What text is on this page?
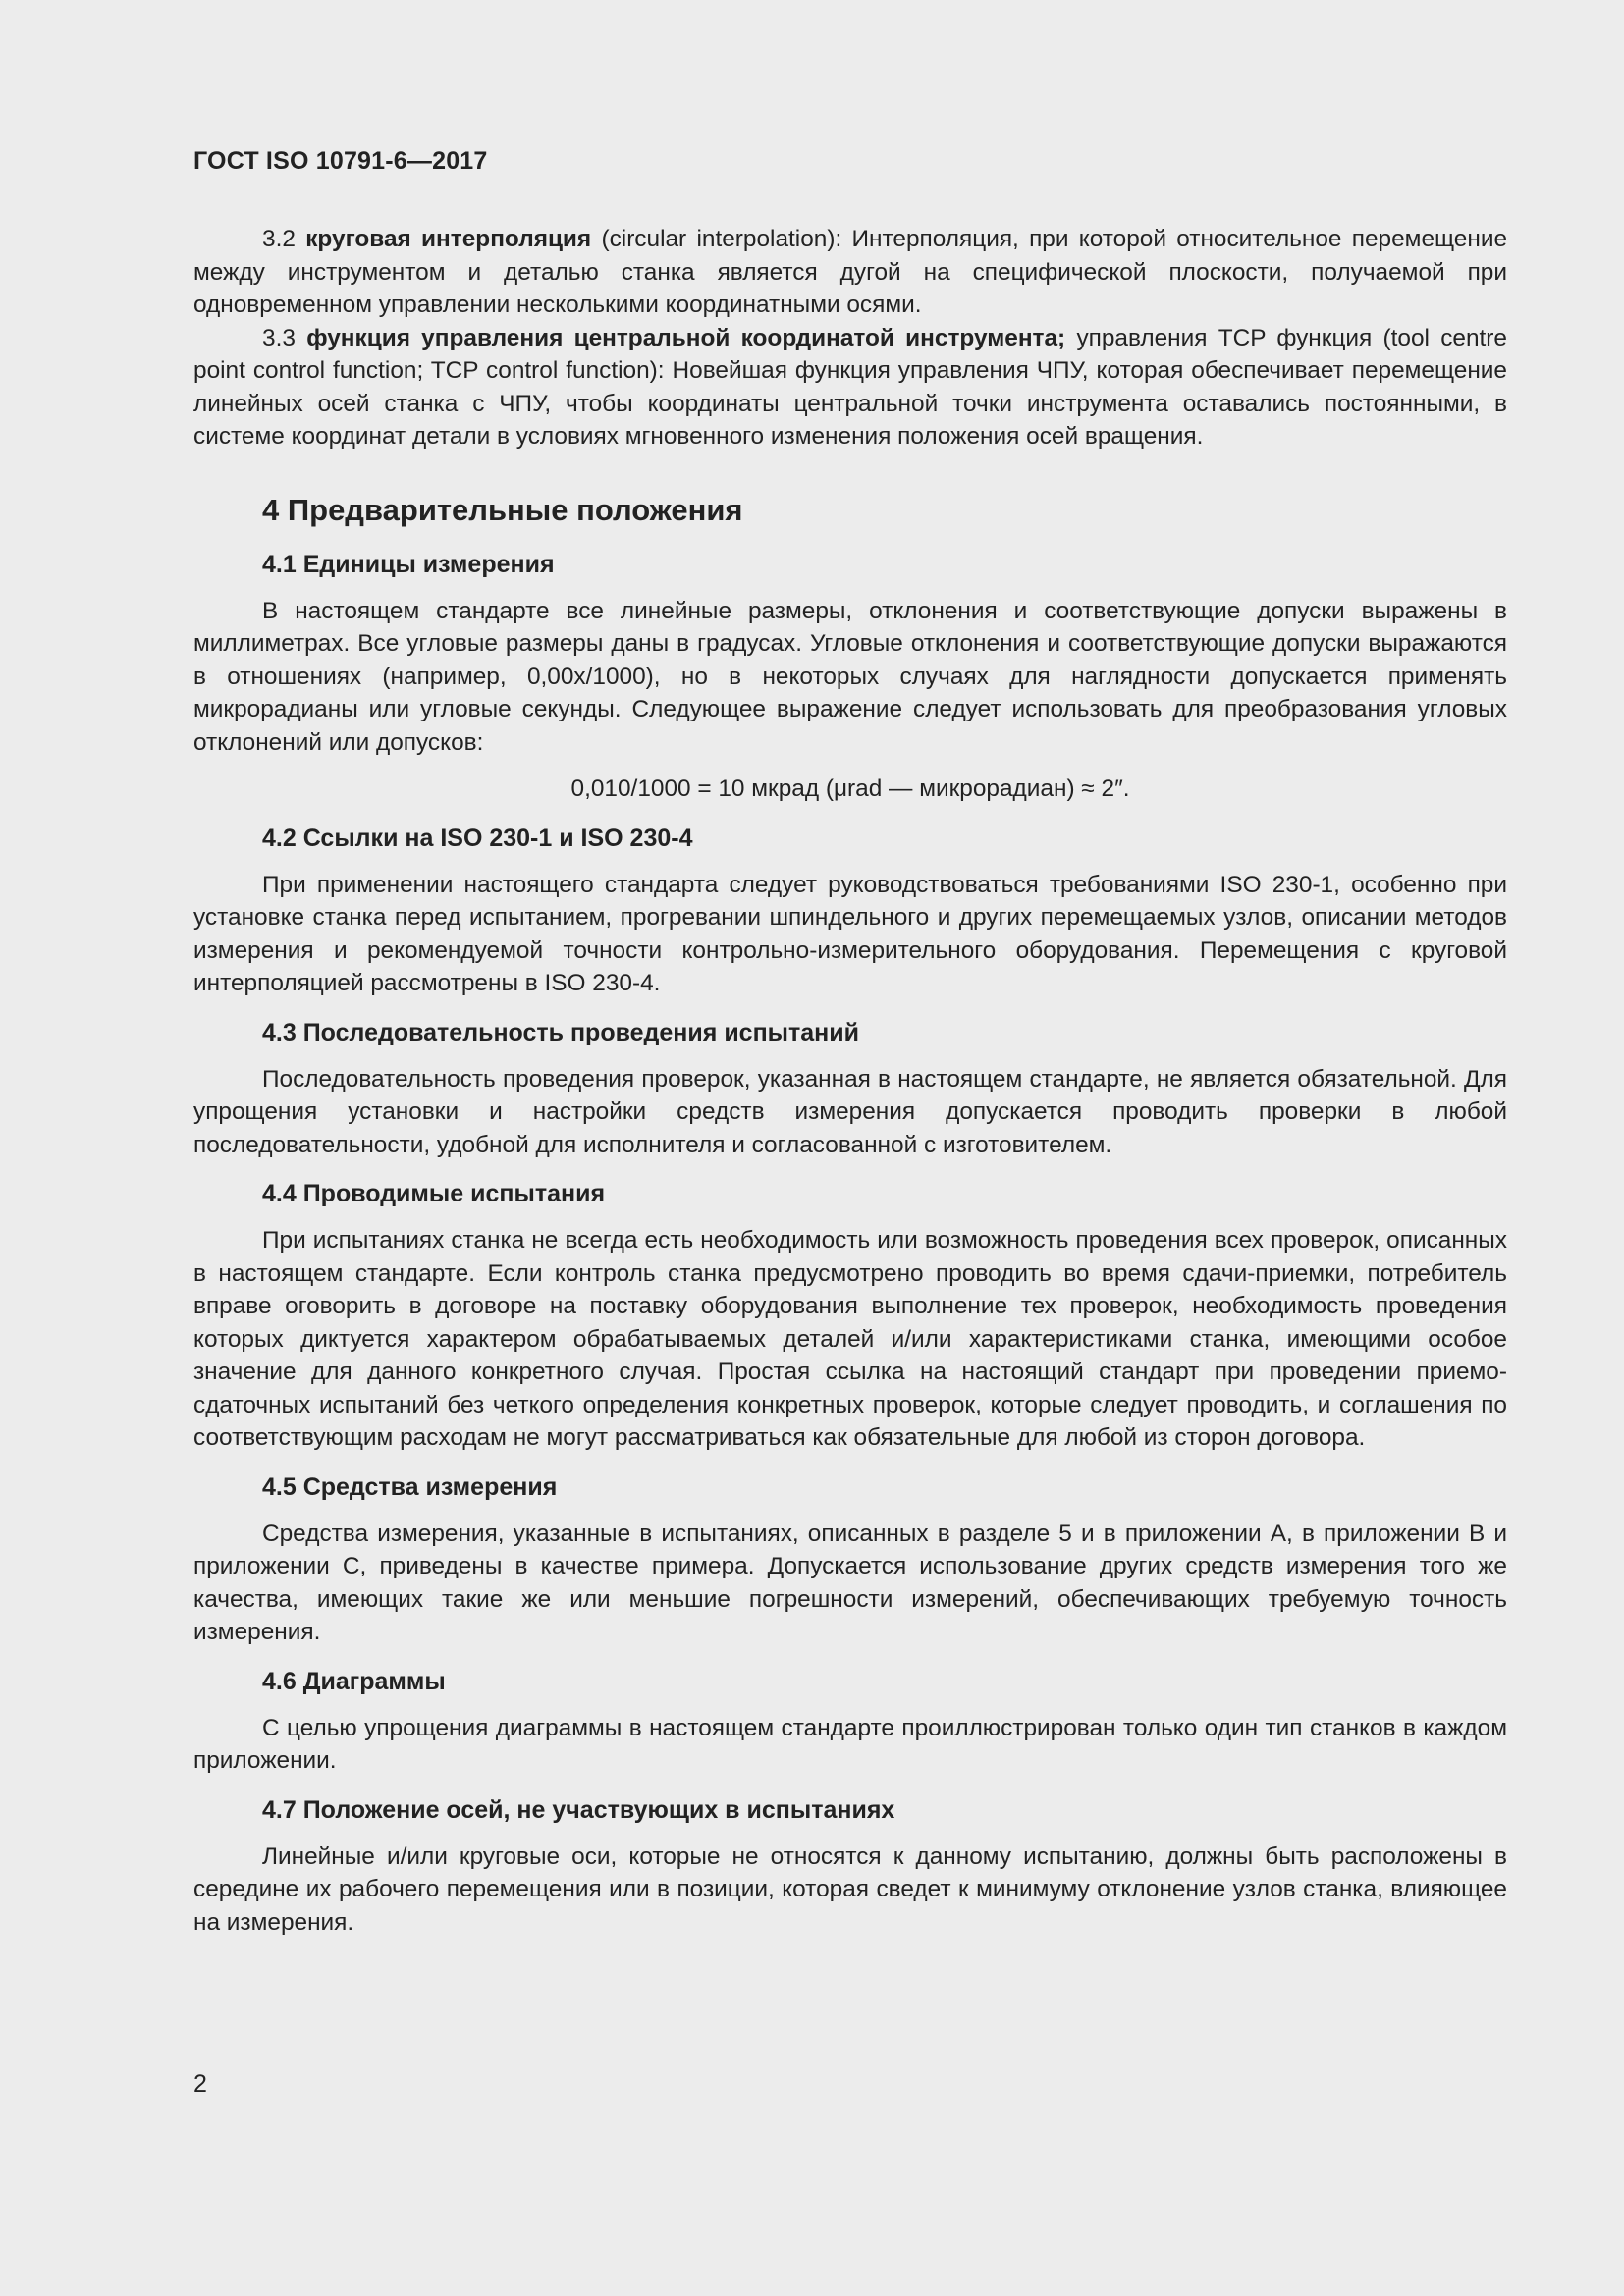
ГОСТ ISO 10791-6—2017

3.2 круговая интерполяция (circular interpolation): Интерполяция, при которой относительное перемещение между инструментом и деталью станка является дугой на специфической плоскости, получаемой при одновременном управлении несколькими координатными осями.

3.3 функция управления центральной координатой инструмента; управления TCP функция (tool centre point control function; TCP control function): Новейшая функция управления ЧПУ, которая обеспечивает перемещение линейных осей станка с ЧПУ, чтобы координаты центральной точки инструмента оставались постоянными, в системе координат детали в условиях мгновенного изменения положения осей вращения.

4 Предварительные положения
4.1 Единицы измерения

В настоящем стандарте все линейные размеры, отклонения и соответствующие допуски выражены в миллиметрах. Все угловые размеры даны в градусах. Угловые отклонения и соответствующие допуски выражаются в отношениях (например, 0,00х/1000), но в некоторых случаях для наглядности допускается применять микрорадианы или угловые секунды. Следующее выражение следует использовать для преобразования угловых отклонений или допусков:

0,010/1000 = 10 мкрад (μrad — микрорадиан) ≈ 2″.
4.2 Ссылки на ISO 230-1 и ISO 230-4

При применении настоящего стандарта следует руководствоваться требованиями ISO 230-1, особенно при установке станка перед испытанием, прогревании шпиндельного и других перемещаемых узлов, описании методов измерения и рекомендуемой точности контрольно-измерительного оборудования. Перемещения с круговой интерполяцией рассмотрены в ISO 230-4.

4.3 Последовательность проведения испытаний

Последовательность проведения проверок, указанная в настоящем стандарте, не является обязательной. Для упрощения установки и настройки средств измерения допускается проводить проверки в любой последовательности, удобной для исполнителя и согласованной с изготовителем.

4.4 Проводимые испытания

При испытаниях станка не всегда есть необходимость или возможность проведения всех проверок, описанных в настоящем стандарте. Если контроль станка предусмотрено проводить во время сдачи-приемки, потребитель вправе оговорить в договоре на поставку оборудования выполнение тех проверок, необходимость проведения которых диктуется характером обрабатываемых деталей и/или характеристиками станка, имеющими особое значение для данного конкретного случая. Простая ссылка на настоящий стандарт при проведении приемо-сдаточных испытаний без четкого определения конкретных проверок, которые следует проводить, и соглашения по соответствующим расходам не могут рассматриваться как обязательные для любой из сторон договора.

4.5 Средства измерения

Средства измерения, указанные в испытаниях, описанных в разделе 5 и в приложении А, в приложении В и приложении С, приведены в качестве примера. Допускается использование других средств измерения того же качества, имеющих такие же или меньшие погрешности измерений, обеспечивающих требуемую точность измерения.

4.6 Диаграммы

С целью упрощения диаграммы в настоящем стандарте проиллюстрирован только один тип станков в каждом приложении.

4.7 Положение осей, не участвующих в испытаниях

Линейные и/или круговые оси, которые не относятся к данному испытанию, должны быть расположены в середине их рабочего перемещения или в позиции, которая сведет к минимуму отклонение узлов станка, влияющее на измерения.

2
